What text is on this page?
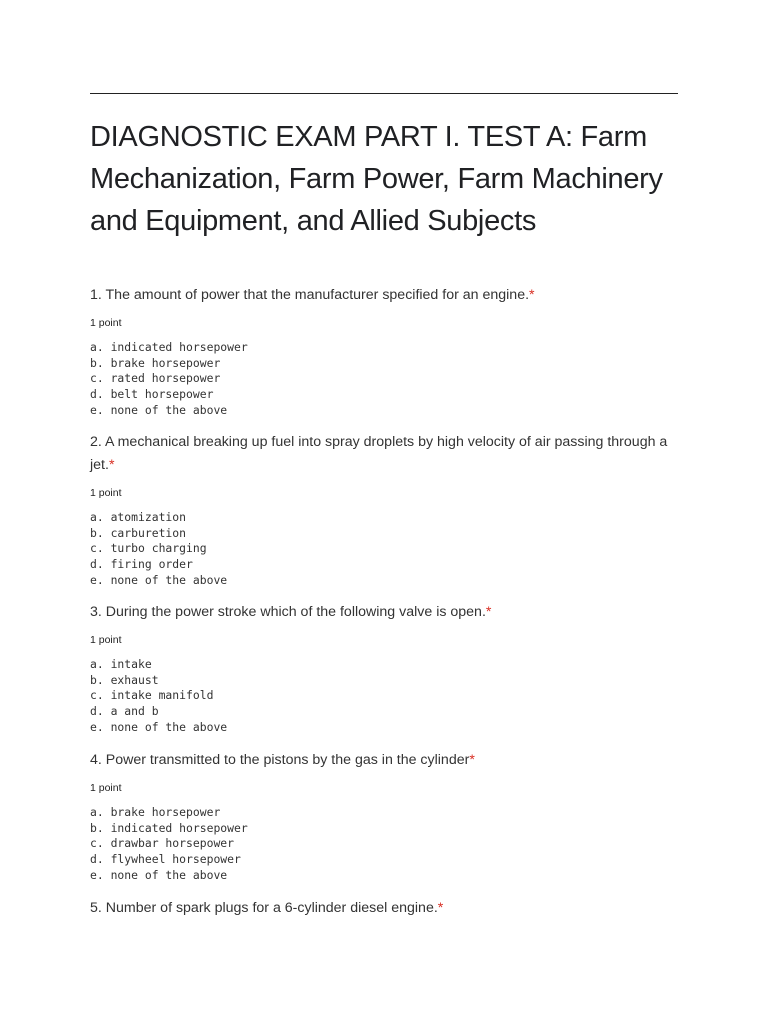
DIAGNOSTIC EXAM PART I. TEST A: Farm Mechanization, Farm Power, Farm Machinery and Equipment, and Allied Subjects
1. The amount of power that the manufacturer specified for an engine.*
1 point
a. indicated horsepower
b. brake horsepower
c. rated horsepower
d. belt horsepower
e. none of the above
2. A mechanical breaking up fuel into spray droplets by high velocity of air passing through a jet.*
1 point
a. atomization
b. carburetion
c. turbo charging
d. firing order
e. none of the above
3. During the power stroke which of the following valve is open.*
1 point
a. intake
b. exhaust
c. intake manifold
d. a and b
e. none of the above
4. Power transmitted to the pistons by the gas in the cylinder*
1 point
a. brake horsepower
b. indicated horsepower
c. drawbar horsepower
d. flywheel horsepower
e. none of the above
5. Number of spark plugs for a 6-cylinder diesel engine.*
